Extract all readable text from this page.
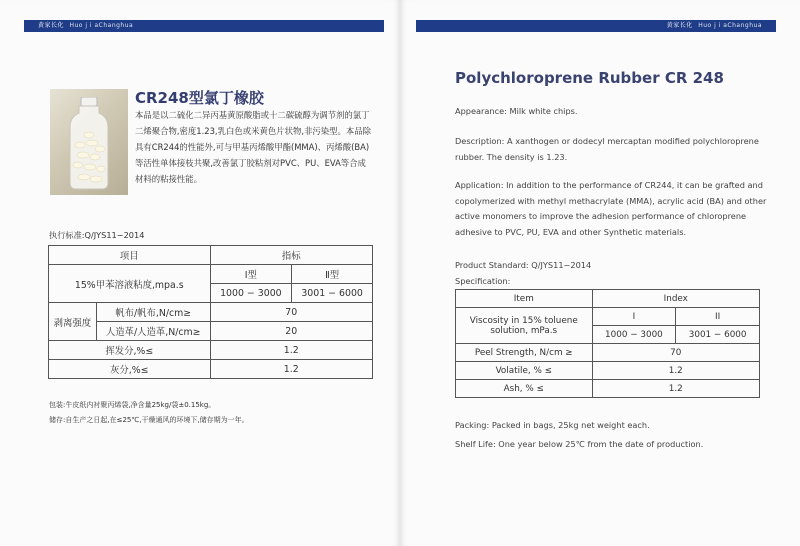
黄家长化 Huo j i aChanghua
CR248型氯丁橡胶
本品是以二硫化二异丙基黄原酸脂或十二碳硫醇为调节剂的氯丁二烯聚合物,密度1.23,乳白色或米黄色片状物,非污染型。本品除具有CR244的性能外,可与甲基丙烯酸甲酯(MMA)、丙烯酸(BA)等活性单体接枝共聚,改善氯丁胶粘剂对PVC、PU、EVA等合成材料的粘接性能。
执行标准:Q/JYS11−2014
项目		指标	
15%甲苯溶液粘度,mpa.s		Ⅰ型	Ⅱ型
		1000 − 3000	3001 − 6000
剥离强度	帆布/帆布,N/cm≥	70	
	人造革/人造革,N/cm≥	20	
挥发分,%≤		1.2	
灰分,%≤		1.2	
包装:牛皮纸内衬聚丙烯袋,净含量25kg/袋±0.15kg。
储存:自生产之日起,在≤25℃,干燥通风的环境下,储存期为一年。
黄家长化 Huo j i aChanghua
Polychloroprene Rubber CR 248
Appearance: Milk white chips.
Description: A xanthogen or dodecyl mercaptan modified polychloroprene rubber. The density is 1.23.
Application: In addition to the performance of CR244, it can be grafted and copolymerized with methyl methacrylate (MMA), acrylic acid (BA) and other active monomers to improve the adhesion performance of chloroprene adhesive to PVC, PU, EVA and other Synthetic materials.
Product Standard: Q/JYS11−2014
Specification:
Item	Index	
Viscosity in 15% toluene solution, mPa.s	I	II
	1000 − 3000	3001 − 6000
Peel Strength, N/cm ≥	70	
Volatile, % ≤	1.2	
Ash, % ≤	1.2	
Packing: Packed in bags, 25kg net weight each.
Shelf Life: One year below 25℃ from the date of production.
